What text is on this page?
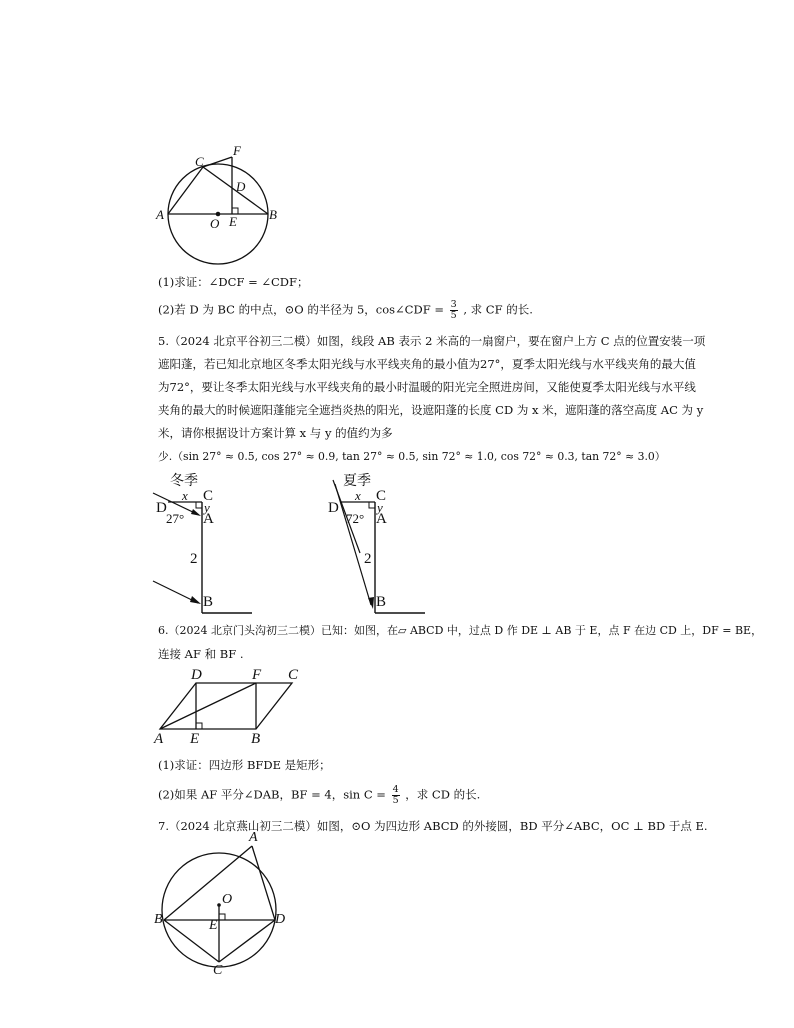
C
F
D
A	B
O E
(1)求证：∠DCF = ∠CDF；
(2)若 D 为 BC 的中点，⊙O 的半径为 5，cos∠CDF = $\frac{3}{5}$ , 求 CF 的长.
5.（2024 北京平谷初三二模）如图，线段 AB 表示 2 米高的一扇窗户，要在窗户上方 C 点的位置安装一项
遮阳蓬，若已知北京地区冬季太阳光线与水平线夹角的最小值为27°，夏季太阳光线与水平线夹角的最大值
为72°，要让冬季太阳光线与水平线夹角的最小时温暖的阳光完全照进房间，又能使夏季太阳光线与水平线
夹角的最大的时候遮阳蓬能完全遮挡炎热的阳光，设遮阳蓬的长度 CD 为 x 米，遮阳蓬的落空高度 AC 为 y
米，请你根据设计方案计算 x 与 y 的值约为多
少.（sin 27° ≈ 0.5, cos 27° ≈ 0.9, tan 27° ≈ 0.5, sin 72° ≈ 1.0, cos 72° ≈ 0.3, tan 72° ≈ 3.0）
冬季
C
x
D	y
27° A
2
B
夏季
C
x
D	y
72° A
2
B
6.（2024 北京门头沟初三二模）已知：如图，在▱ ABCD 中，过点 D 作 DE ⊥ AB 于 E，点 F 在边 CD 上，DF = BE，
连接 AF 和 BF .
D	F C
A E	B
(1)求证：四边形 BFDE 是矩形；
(2)如果 AF 平分∠DAB，BF = 4，$\sin C = \frac{4}{5}$ ，求 CD 的长.
7.（2024 北京燕山初三二模）如图，⊙O 为四边形 ABCD 的外接圆，BD 平分∠ABC，OC ⊥ BD 于点 E.
A
O
B	D
E
C
